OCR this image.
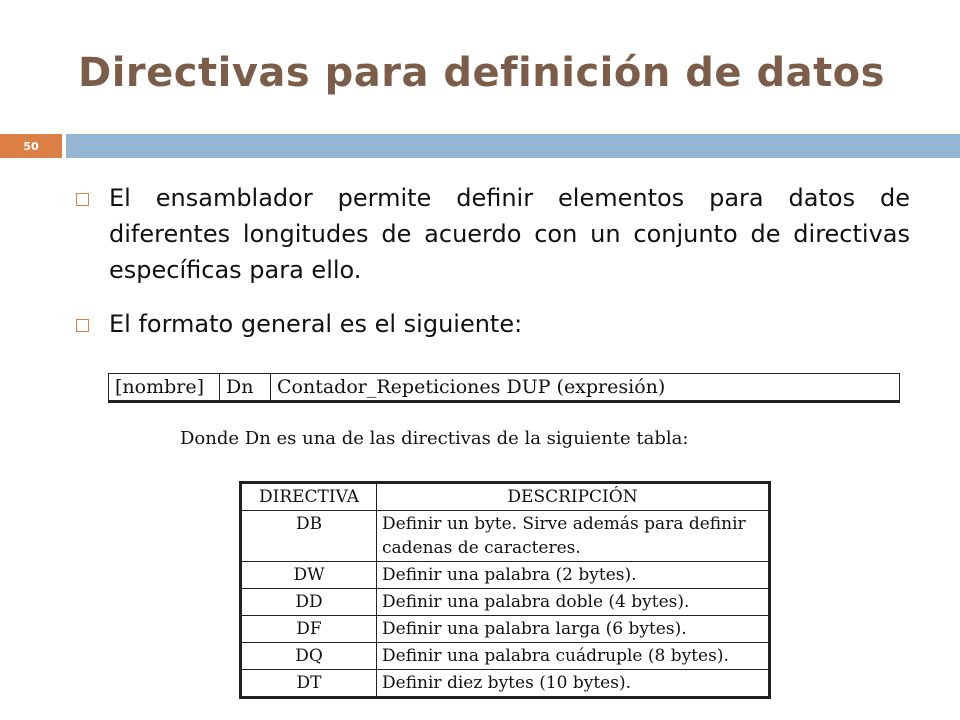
Directivas para definición de datos
50
El ensamblador permite definir elementos para datos de diferentes longitudes de acuerdo con un conjunto de directivas específicas para ello.
El formato general es el siguiente:
[nombre]	Dn	Contador_Repeticiones DUP (expresión)
Donde Dn es una de las directivas de la siguiente tabla:
DIRECTIVA	DESCRIPCIÓN
DB	Definir un byte. Sirve además para definir cadenas de caracteres.
DW	Definir una palabra (2 bytes).
DD	Definir una palabra doble (4 bytes).
DF	Definir una palabra larga (6 bytes).
DQ	Definir una palabra cuádruple (8 bytes).
DT	Definir diez bytes (10 bytes).
